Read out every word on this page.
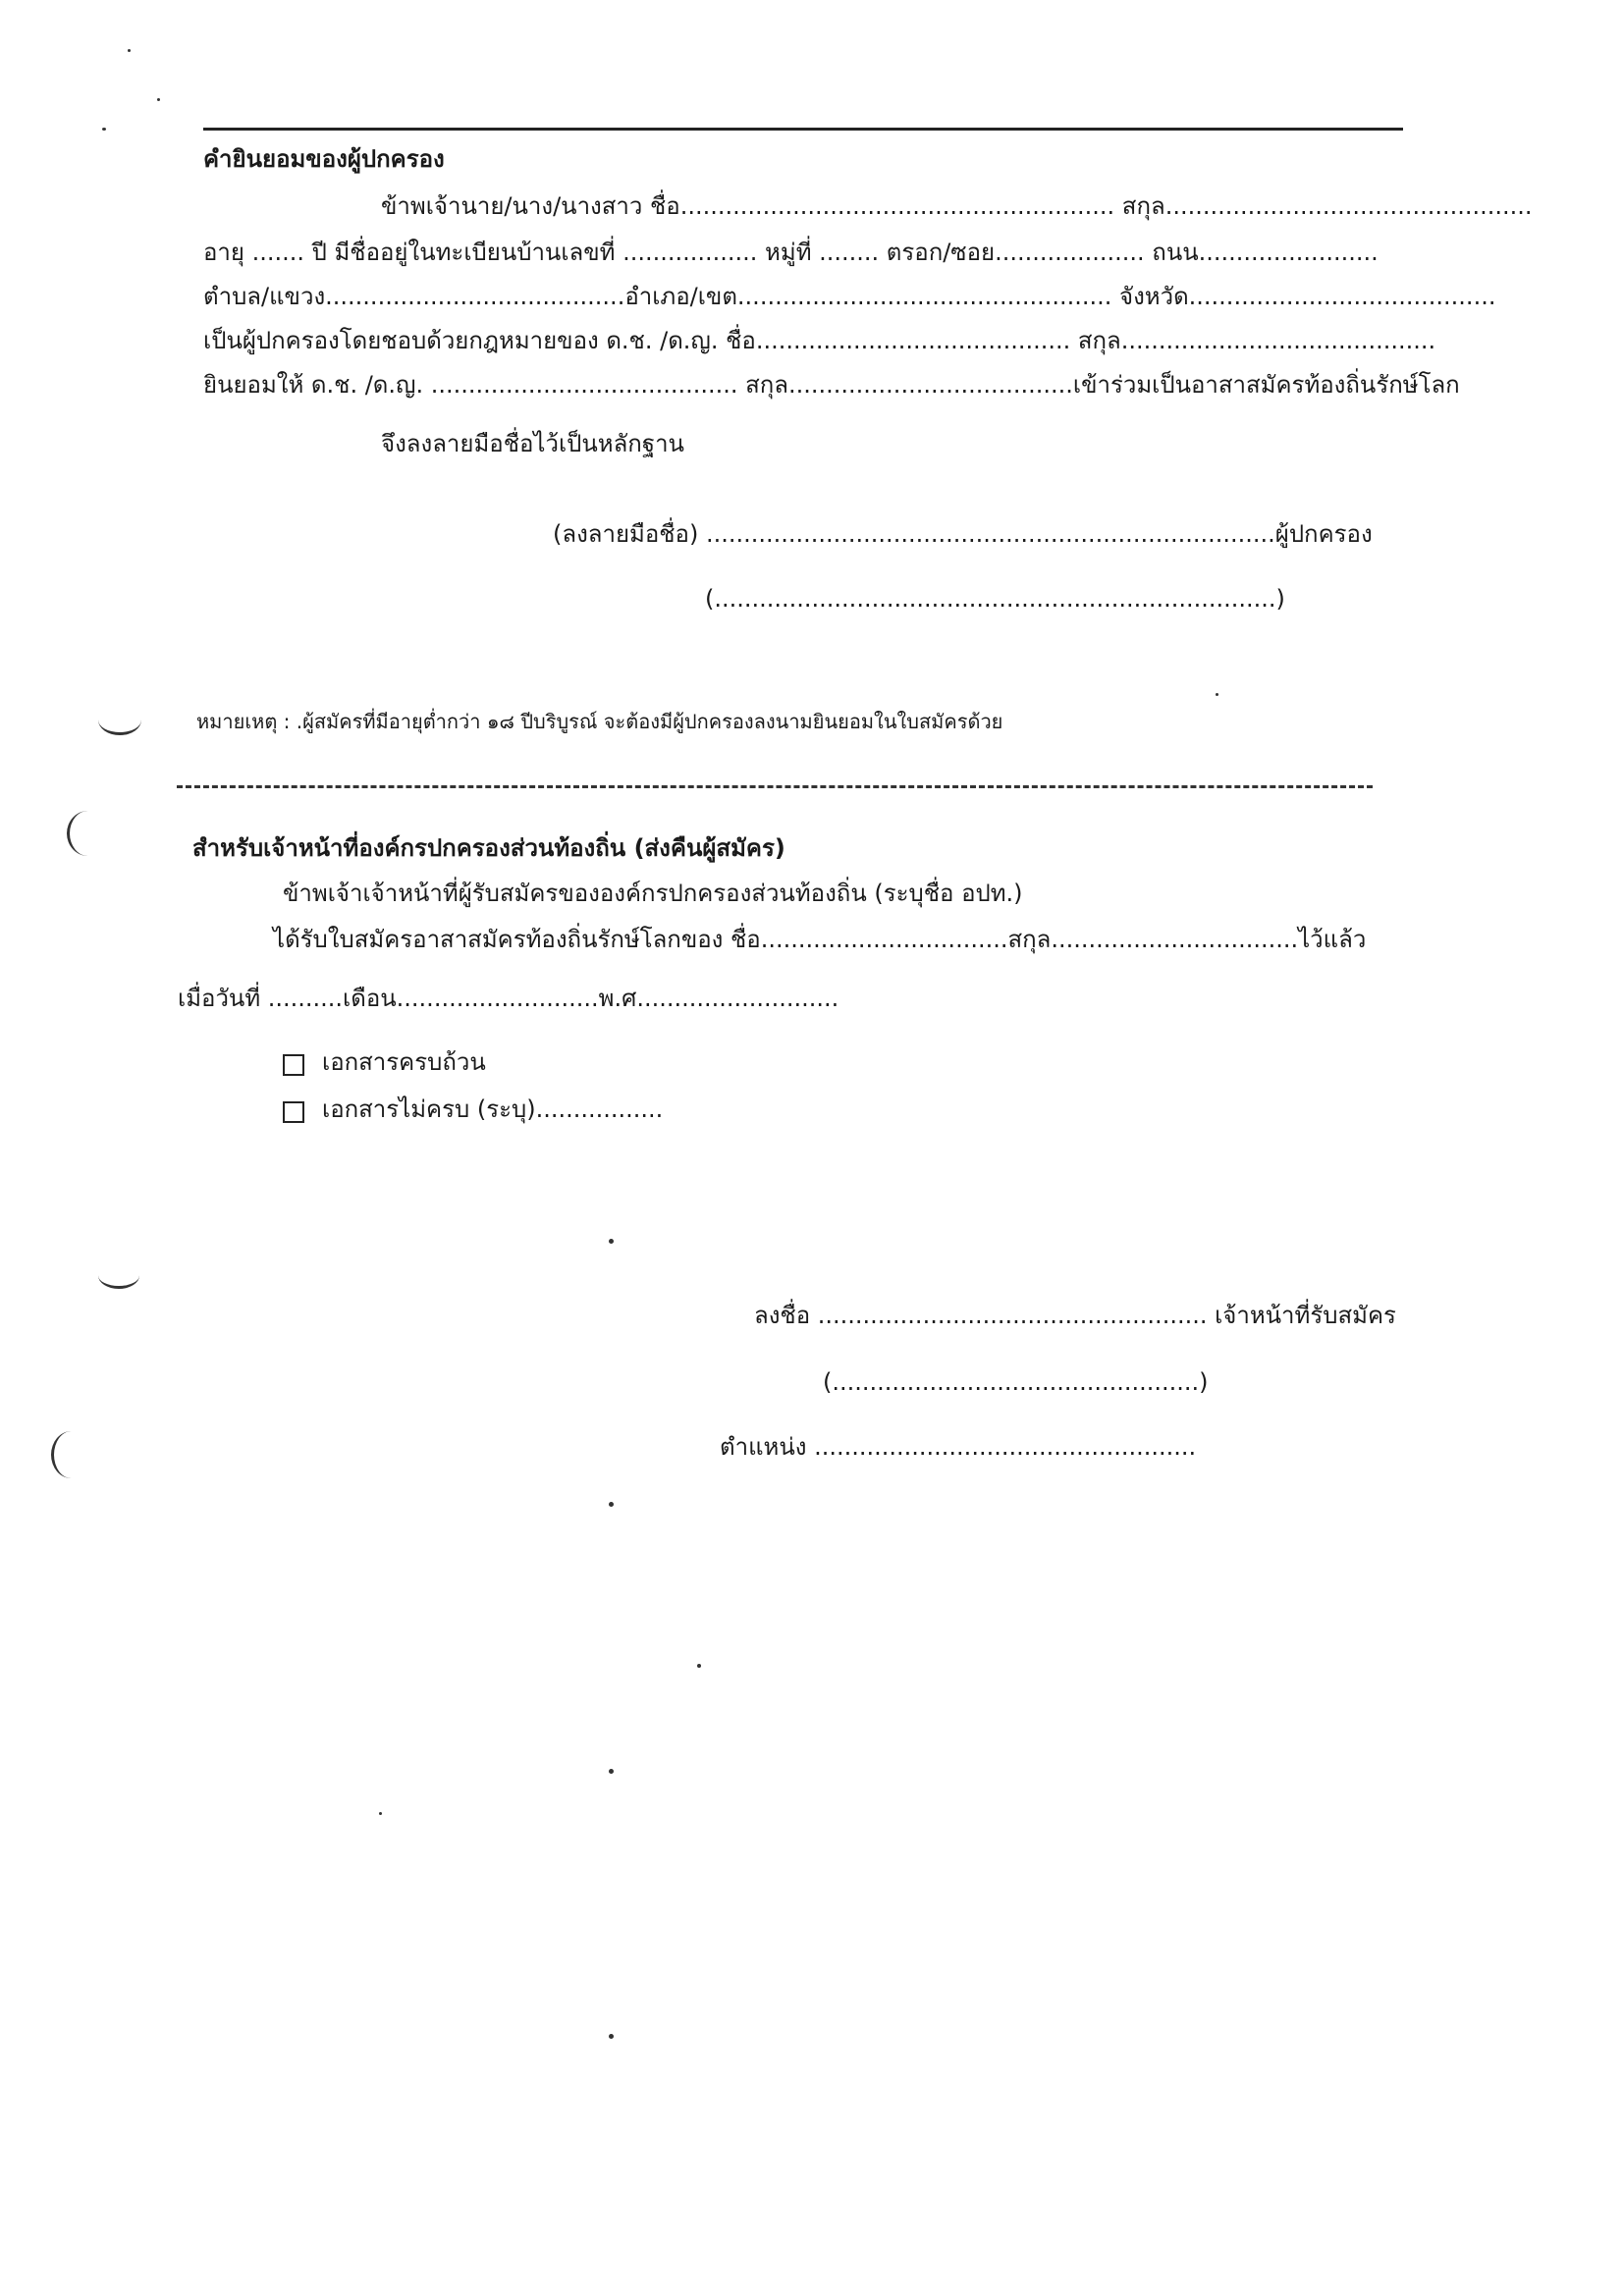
คำยินยอมของผู้ปกครอง
ข้าพเจ้านาย/นาง/นางสาว ชื่อ.......................................................... สกุล.................................................
อายุ ....... ปี มีชื่ออยู่ในทะเบียนบ้านเลขที่ .................. หมู่ที่ ........ ตรอก/ซอย.................... ถนน........................
ตำบล/แขวง........................................อำเภอ/เขต.................................................. จังหวัด.........................................
เป็นผู้ปกครองโดยชอบด้วยกฎหมายของ ด.ช. /ด.ญ. ชื่อ.......................................... สกุล..........................................
ยินยอมให้ ด.ช. /ด.ญ. ......................................... สกุล......................................เข้าร่วมเป็นอาสาสมัครท้องถิ่นรักษ์โลก
จึงลงลายมือชื่อไว้เป็นหลักฐาน
(ลงลายมือชื่อ) ............................................................................ผู้ปกครอง
(...........................................................................)
หมายเหตุ : .ผู้สมัครที่มีอายุต่ำกว่า ๑๘ ปีบริบูรณ์ จะต้องมีผู้ปกครองลงนามยินยอมในใบสมัครด้วย
สำหรับเจ้าหน้าที่องค์กรปกครองส่วนท้องถิ่น (ส่งคืนผู้สมัคร)
ข้าพเจ้าเจ้าหน้าที่ผู้รับสมัครขององค์กรปกครองส่วนท้องถิ่น (ระบุชื่อ อปท.)
ได้รับใบสมัครอาสาสมัครท้องถิ่นรักษ์โลกของ ชื่อ.................................สกุล.................................ไว้แล้ว
เมื่อวันที่ ..........เดือน...........................พ.ศ...........................
เอกสารครบถ้วน
เอกสารไม่ครบ (ระบุ).................
ลงชื่อ .................................................... เจ้าหน้าที่รับสมัคร
(.................................................)
ตำแหน่ง ...................................................
